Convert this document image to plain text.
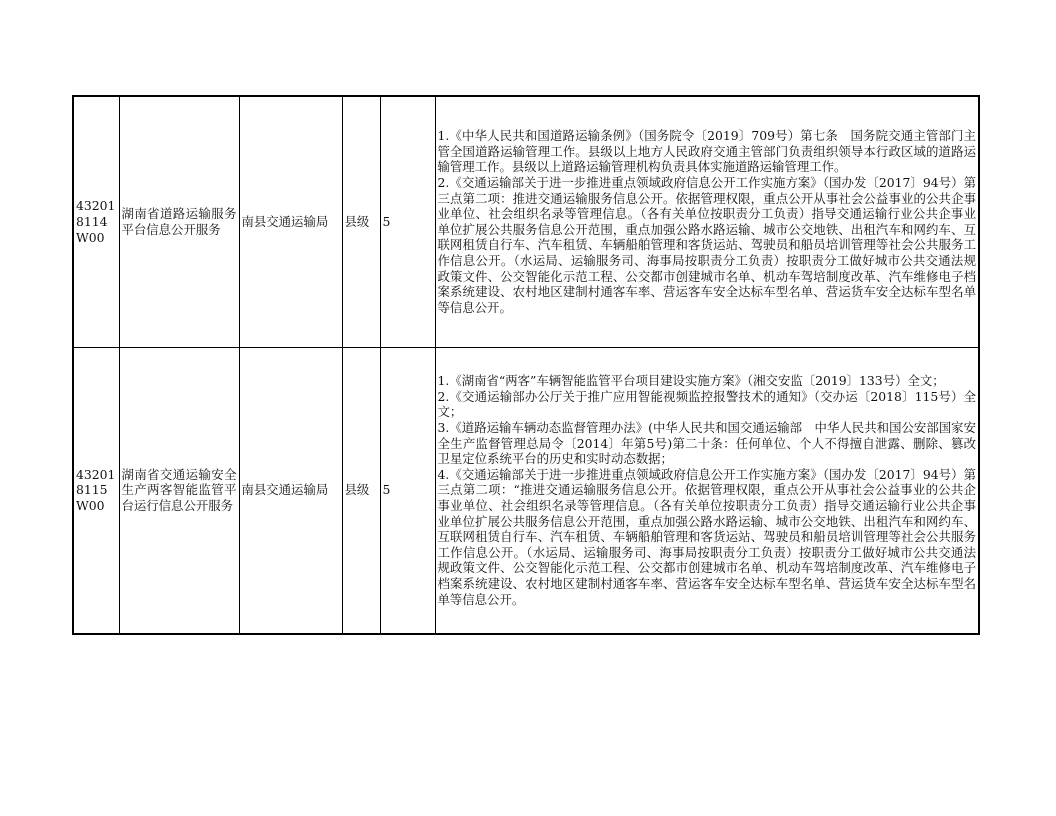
432018114W00	湖南省道路运输服务平台信息公开服务	南县交通运输局	县级	5	1.《中华人民共和国道路运输条例》（国务院令〔2019〕709号）第七条　国务院交通主管部门主管全国道路运输管理工作。县级以上地方人民政府交通主管部门负责组织领导本行政区域的道路运输管理工作。县级以上道路运输管理机构负责具体实施道路运输管理工作。

2.《交通运输部关于进一步推进重点领域政府信息公开工作实施方案》（国办发〔2017〕94号）第三点第二项：推进交通运输服务信息公开。依据管理权限，重点公开从事社会公益事业的公共企事业单位、社会组织名录等管理信息。（各有关单位按职责分工负责）指导交通运输行业公共企事业单位扩展公共服务信息公开范围，重点加强公路水路运输、城市公交地铁、出租汽车和网约车、互联网租赁自行车、汽车租赁、车辆船舶管理和客货运站、驾驶员和船员培训管理等社会公共服务工作信息公开。（水运局、运输服务司、海事局按职责分工负责）按职责分工做好城市公共交通法规政策文件、公交智能化示范工程、公交都市创建城市名单、机动车驾培制度改革、汽车维修电子档案系统建设、农村地区建制村通客车率、营运客车安全达标车型名单、营运货车安全达标车型名单等信息公开。

432018115W00	湖南省交通运输安全生产两客智能监管平台运行信息公开服务	南县交通运输局	县级	5	1.《湖南省“两客”车辆智能监管平台项目建设实施方案》（湘交安监〔2019〕133号）全文；

2.《交通运输部办公厅关于推广应用智能视频监控报警技术的通知》（交办运〔2018〕115号）全文；

3.《道路运输车辆动态监督管理办法》(中华人民共和国交通运输部　中华人民共和国公安部国家安全生产监督管理总局令〔2014〕年第5号)第二十条：任何单位、个人不得擅自泄露、删除、篡改卫星定位系统平台的历史和实时动态数据；

4.《交通运输部关于进一步推进重点领域政府信息公开工作实施方案》（国办发〔2017〕94号）第三点第二项：“推进交通运输服务信息公开。依据管理权限，重点公开从事社会公益事业的公共企事业单位、社会组织名录等管理信息。（各有关单位按职责分工负责）指导交通运输行业公共企事业单位扩展公共服务信息公开范围，重点加强公路水路运输、城市公交地铁、出租汽车和网约车、互联网租赁自行车、汽车租赁、车辆船舶管理和客货运站、驾驶员和船员培训管理等社会公共服务工作信息公开。（水运局、运输服务司、海事局按职责分工负责）按职责分工做好城市公共交通法规政策文件、公交智能化示范工程、公交都市创建城市名单、机动车驾培制度改革、汽车维修电子档案系统建设、农村地区建制村通客车率、营运客车安全达标车型名单、营运货车安全达标车型名单等信息公开。
